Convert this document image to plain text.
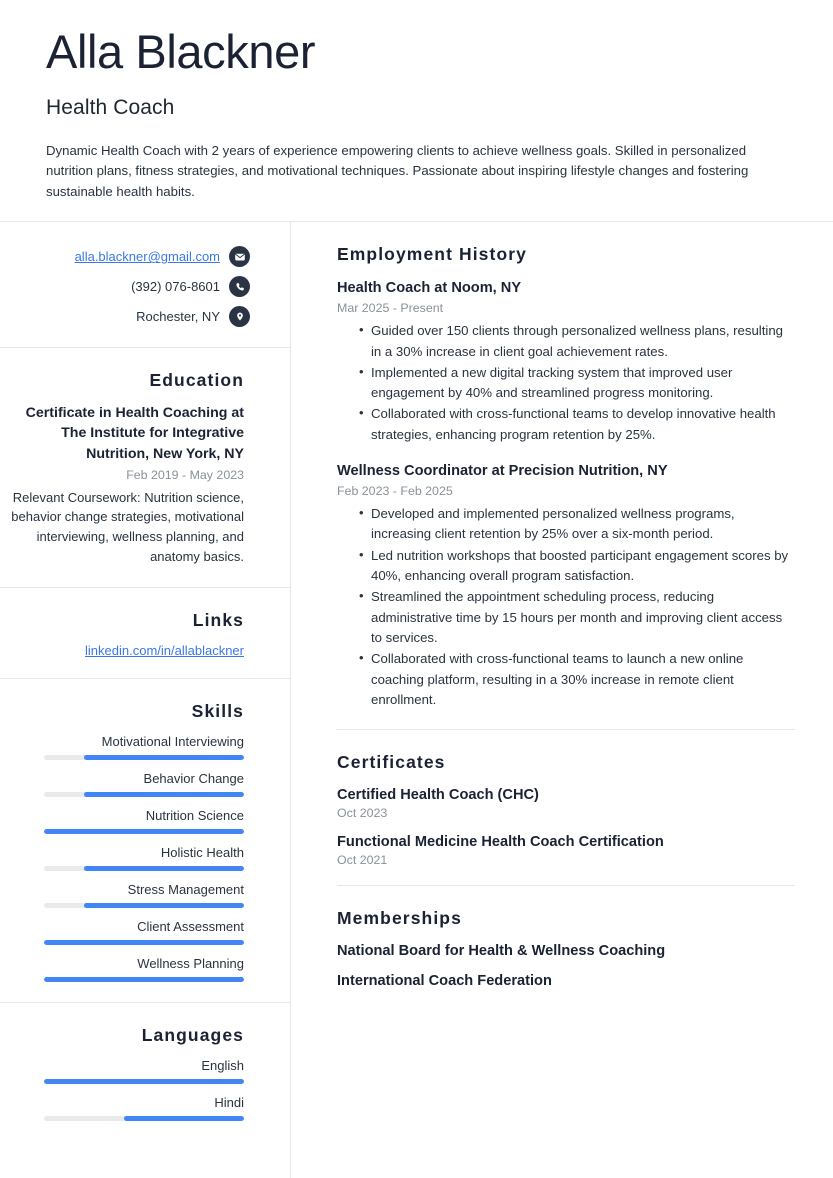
Alla Blackner
Health Coach
Dynamic Health Coach with 2 years of experience empowering clients to achieve wellness goals. Skilled in personalized nutrition plans, fitness strategies, and motivational techniques. Passionate about inspiring lifestyle changes and fostering sustainable health habits.
alla.blackner@gmail.com
(392) 076-8601
Rochester, NY
Education
Certificate in Health Coaching at The Institute for Integrative Nutrition, New York, NY
Feb 2019 - May 2023
Relevant Coursework: Nutrition science, behavior change strategies, motivational interviewing, wellness planning, and anatomy basics.
Links
linkedin.com/in/allablackner
Skills
Motivational Interviewing
Behavior Change
Nutrition Science
Holistic Health
Stress Management
Client Assessment
Wellness Planning
Languages
English
Hindi
Employment History
Health Coach at Noom, NY
Mar 2025 - Present
• Guided over 150 clients through personalized wellness plans, resulting in a 30% increase in client goal achievement rates.
• Implemented a new digital tracking system that improved user engagement by 40% and streamlined progress monitoring.
• Collaborated with cross-functional teams to develop innovative health strategies, enhancing program retention by 25%.
Wellness Coordinator at Precision Nutrition, NY
Feb 2023 - Feb 2025
• Developed and implemented personalized wellness programs, increasing client retention by 25% over a six-month period.
• Led nutrition workshops that boosted participant engagement scores by 40%, enhancing overall program satisfaction.
• Streamlined the appointment scheduling process, reducing administrative time by 15 hours per month and improving client access to services.
• Collaborated with cross-functional teams to launch a new online coaching platform, resulting in a 30% increase in remote client enrollment.
Certificates
Certified Health Coach (CHC)
Oct 2023
Functional Medicine Health Coach Certification
Oct 2021
Memberships
National Board for Health & Wellness Coaching
International Coach Federation
